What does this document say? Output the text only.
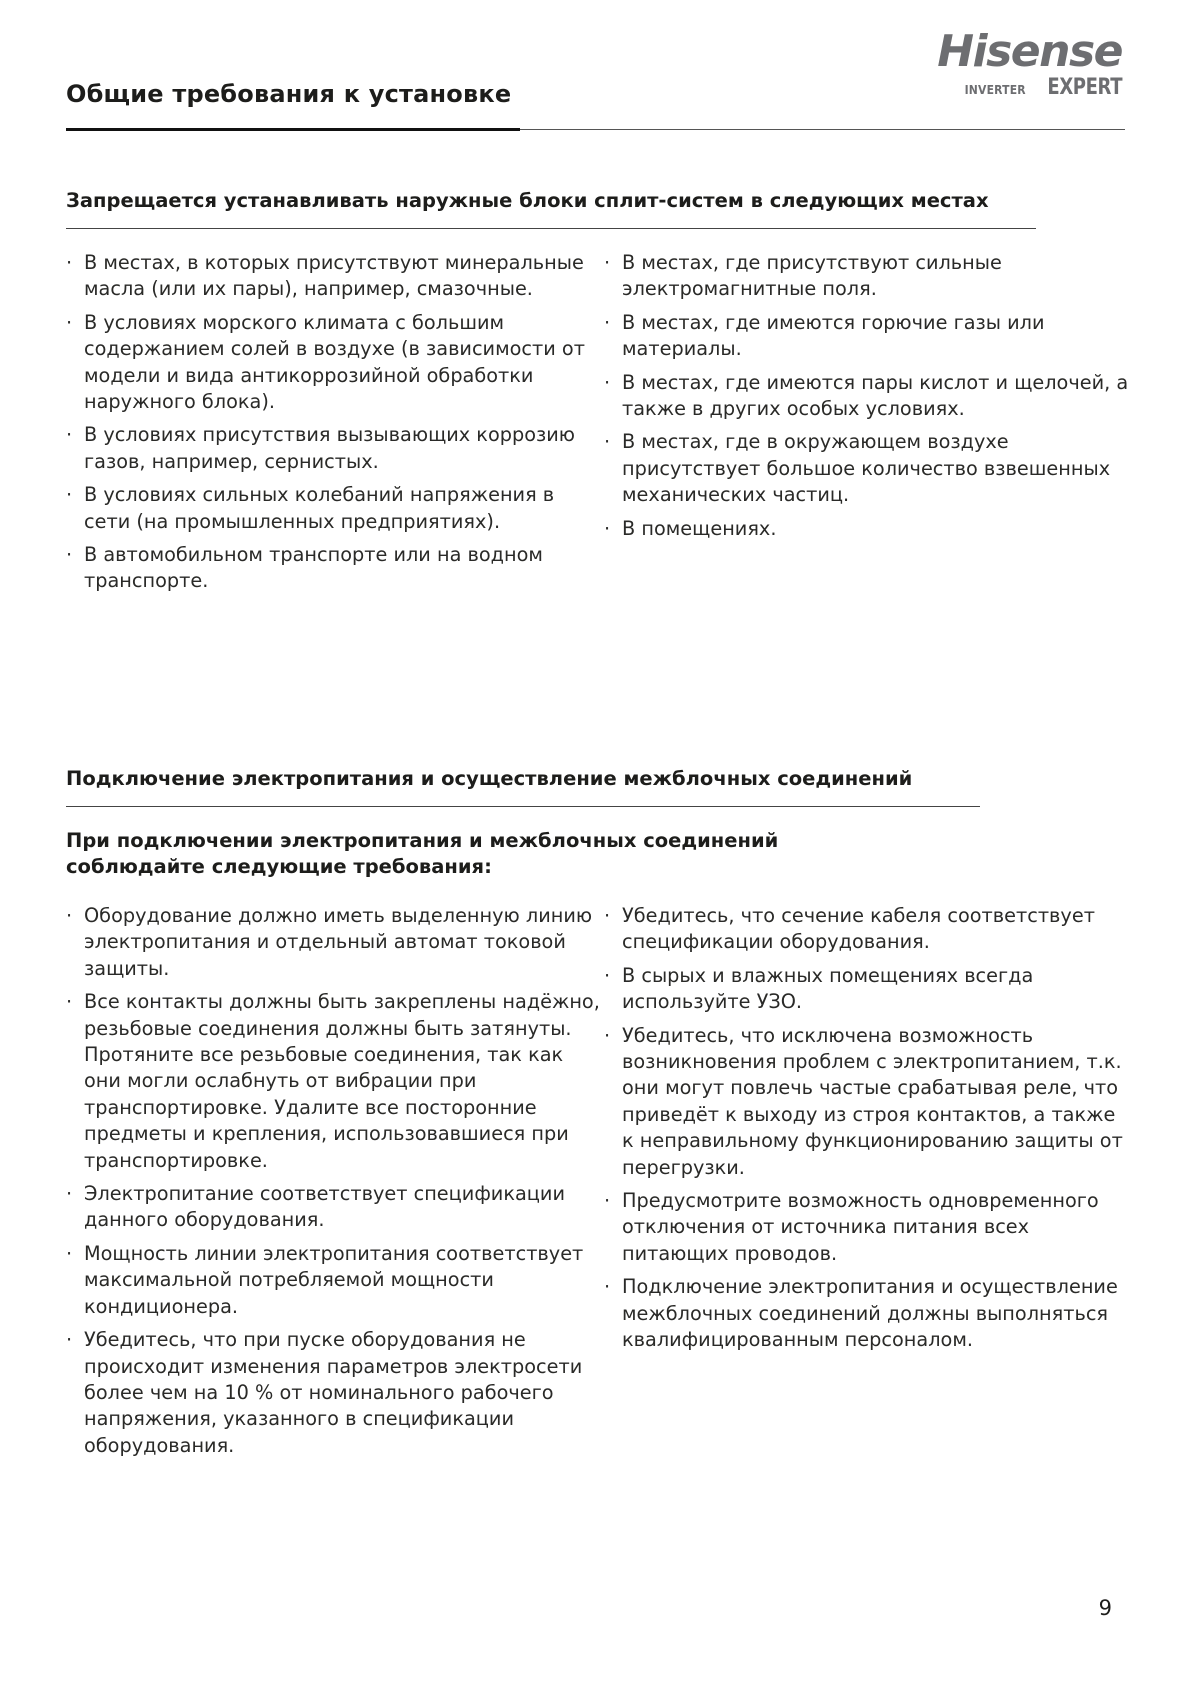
Общие требования к установке
Hisense
INVERTER EXPERT
Запрещается устанавливать наружные блоки сплит-систем в следующих местах
· В местах, в которых присутствуют минеральные масла (или их пары), например, смазочные.
· В условиях морского климата с большим содержанием солей в воздухе (в зависимости от модели и вида антикоррозийной обработки наружного блока).
· В условиях присутствия вызывающих коррозию газов, например, сернистых.
· В условиях сильных колебаний напряжения в сети (на промышленных предприятиях).
· В автомобильном транспорте или на водном транспорте.
· В местах, где присутствуют сильные электромагнитные поля.
· В местах, где имеются горючие газы или материалы.
· В местах, где имеются пары кислот и щелочей, а также в других особых условиях.
· В местах, где в окружающем воздухе присутствует большое количество взвешенных механических частиц.
· В помещениях.
Подключение электропитания и осуществление межблочных соединений
При подключении электропитания и межблочных соединений
соблюдайте следующие требования:
· Оборудование должно иметь выделенную линию электропитания и отдельный автомат токовой защиты.
· Все контакты должны быть закреплены надёжно, резьбовые соединения должны быть затянуты. Протяните все резьбовые соединения, так как они могли ослабнуть от вибрации при транспортировке. Удалите все посторонние предметы и крепления, использовавшиеся при транспортировке.
· Электропитание соответствует спецификации данного оборудования.
· Мощность линии электропитания соответствует максимальной потребляемой мощности кондиционера.
· Убедитесь, что при пуске оборудования не происходит изменения параметров электросети более чем на 10 % от номинального рабочего напряжения, указанного в спецификации оборудования.
· Убедитесь, что сечение кабеля соответствует спецификации оборудования.
· В сырых и влажных помещениях всегда используйте УЗО.
· Убедитесь, что исключена возможность возникновения проблем с электропитанием, т.к. они могут повлечь частые срабатывая реле, что приведёт к выходу из строя контактов, а также к неправильному функционированию защиты от перегрузки.
· Предусмотрите возможность одновременного отключения от источника питания всех питающих проводов.
· Подключение электропитания и осуществление межблочных соединений должны выполняться квалифицированным персоналом.
9
